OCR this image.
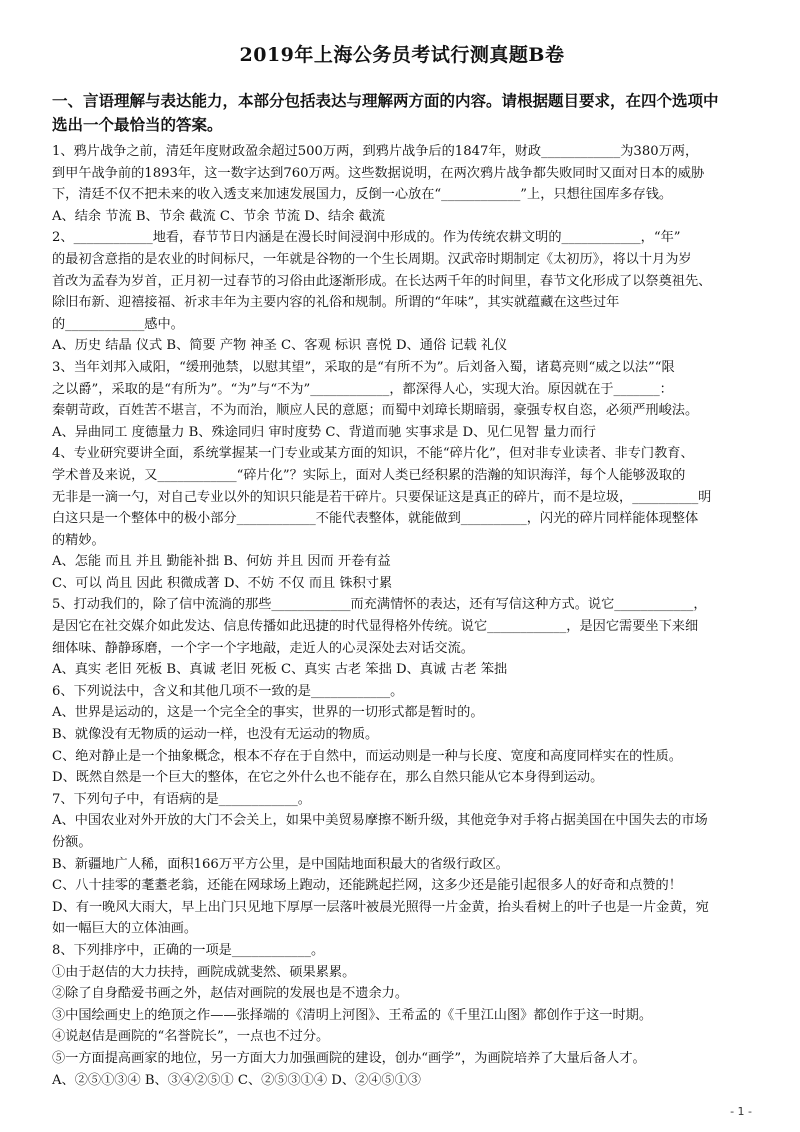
2019年上海公务员考试行测真题B卷
一、言语理解与表达能力，本部分包括表达与理解两方面的内容。请根据题目要求，在四个选项中
选出一个最恰当的答案。
1、鸦片战争之前，清廷年度财政盈余超过500万两，到鸦片战争后的1847年，财政____________为380万两，
到甲午战争前的1893年，这一数字达到760万两。这些数据说明，在两次鸦片战争都失败同时又面对日本的威胁
下，清廷不仅不把未来的收入透支来加速发展国力，反倒一心放在“____________”上，只想往国库多存钱。
A、结余 节流 B、节余 截流 C、节余 节流 D、结余 截流
2、____________地看，春节节日内涵是在漫长时间浸润中形成的。作为传统农耕文明的____________，“年”
的最初含意指的是农业的时间标尺，一年就是谷物的一个生长周期。汉武帝时期制定《太初历》，将以十月为岁
首改为孟春为岁首，正月初一过春节的习俗由此逐渐形成。在长达两千年的时间里，春节文化形成了以祭奠祖先、
除旧布新、迎禧接福、祈求丰年为主要内容的礼俗和规制。所谓的“年味”，其实就蕴藏在这些过年
的____________感中。
A、历史 结晶 仪式 B、简要 产物 神圣 C、客观 标识 喜悦 D、通俗 记载 礼仪
3、当年刘邦入咸阳，“缓刑弛禁，以慰其望”，采取的是“有所不为”。后刘备入蜀，诸葛亮则“威之以法”“限
之以爵”，采取的是“有所为”。“为”与“不为”____________，都深得人心，实现大治。原因就在于_______：
秦朝苛政，百姓苦不堪言，不为而治，顺应人民的意愿；而蜀中刘璋长期暗弱，豪强专权自恣，必须严刑峻法。
A、异曲同工 度德量力 B、殊途同归 审时度势 C、背道而驰 实事求是 D、见仁见智 量力而行
4、专业研究要讲全面，系统掌握某一门专业或某方面的知识，不能“碎片化”，但对非专业读者、非专门教育、
学术普及来说，又____________“碎片化”？实际上，面对人类已经积累的浩瀚的知识海洋，每个人能够汲取的
无非是一滴一勺，对自己专业以外的知识只能是若干碎片。只要保证这是真正的碎片，而不是垃圾，__________明
白这只是一个整体中的极小部分____________不能代表整体，就能做到__________，闪光的碎片同样能体现整体
的精妙。
A、怎能 而且 并且 勤能补拙 B、何妨 并且 因而 开卷有益
C、可以 尚且 因此 积微成著 D、不妨 不仅 而且 铢积寸累
5、打动我们的，除了信中流淌的那些____________而充满情怀的表达，还有写信这种方式。说它____________，
是因它在社交媒介如此发达、信息传播如此迅捷的时代显得格外传统。说它____________，是因它需要坐下来细
细体味、静静琢磨，一个字一个字地敲，走近人的心灵深处去对话交流。
A、真实 老旧 死板 B、真诚 老旧 死板 C、真实 古老 笨拙 D、真诚 古老 笨拙
6、下列说法中，含义和其他几项不一致的是____________。
A、世界是运动的，这是一个完全全的事实，世界的一切形式都是暂时的。
B、就像没有无物质的运动一样，也没有无运动的物质。
C、绝对静止是一个抽象概念，根本不存在于自然中，而运动则是一种与长度、宽度和高度同样实在的性质。
D、既然自然是一个巨大的整体，在它之外什么也不能存在，那么自然只能从它本身得到运动。
7、下列句子中，有语病的是____________。
A、中国农业对外开放的大门不会关上，如果中美贸易摩擦不断升级，其他竞争对手将占据美国在中国失去的市场
份额。
B、新疆地广人稀，面积166万平方公里，是中国陆地面积最大的省级行政区。
C、八十挂零的耄耋老翁，还能在网球场上跑动，还能跳起拦网，这多少还是能引起很多人的好奇和点赞的！
D、有一晚风大雨大，早上出门只见地下厚厚一层落叶被晨光照得一片金黄，抬头看树上的叶子也是一片金黄，宛
如一幅巨大的立体油画。
8、下列排序中，正确的一项是____________。
①由于赵佶的大力扶持，画院成就斐然、硕果累累。
②除了自身酷爱书画之外，赵佶对画院的发展也是不遗余力。
③中国绘画史上的绝顶之作——张择端的《清明上河图》、王希孟的《千里江山图》都创作于这一时期。
④说赵佶是画院的“名誉院长”，一点也不过分。
⑤一方面提高画家的地位，另一方面大力加强画院的建设，创办“画学”，为画院培养了大量后备人才。
A、②⑤①③④ B、③④②⑤① C、②⑤③①④ D、②④⑤①③
- 1 -
